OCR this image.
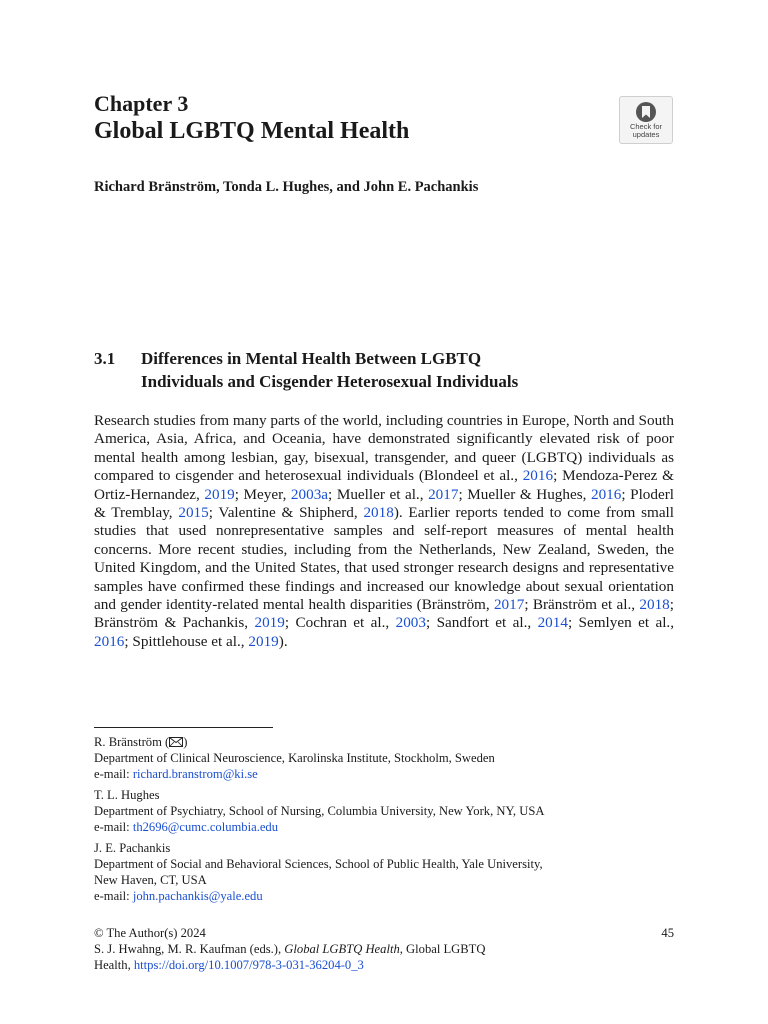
Chapter 3
Global LGBTQ Mental Health	Check for
updates
Richard Bränström, Tonda L. Hughes, and John E. Pachankis
3.1 Differences in Mental Health Between LGBTQ
Individuals and Cisgender Heterosexual Individuals
Research studies from many parts of the world, including countries in Europe, North and South America, Asia, Africa, and Oceania, have demonstrated significantly elevated risk of poor mental health among lesbian, gay, bisexual, transgender, and queer (LGBTQ) individuals as compared to cisgender and heterosexual individuals (Blondeel et al., 2016; Mendoza-Perez & Ortiz-Hernandez, 2019; Meyer, 2003a; Mueller et al., 2017; Mueller & Hughes, 2016; Ploderl & Tremblay, 2015; Valentine & Shipherd, 2018). Earlier reports tended to come from small studies that used nonrepresentative samples and self-report measures of mental health concerns. More recent studies, including from the Netherlands, New Zealand, Sweden, the United Kingdom, and the United States, that used stronger research designs and representative samples have confirmed these findings and increased our knowledge about sexual orientation and gender identity-related mental health disparities (Bränström, 2017; Bränström et al., 2018; Bränström & Pachankis, 2019; Cochran et al., 2003; Sandfort et al., 2014; Semlyen et al., 2016; Spittlehouse et al., 2019).
R. Bränström ( )
Department of Clinical Neuroscience, Karolinska Institute, Stockholm, Sweden
e-mail: richard.branstrom@ki.se
T. L. Hughes
Department of Psychiatry, School of Nursing, Columbia University, New York, NY, USA
e-mail: th2696@cumc.columbia.edu
J. E. Pachankis
Department of Social and Behavioral Sciences, School of Public Health, Yale University,
New Haven, CT, USA
e-mail: john.pachankis@yale.edu
© The Author(s) 2024	45
S. J. Hwahng, M. R. Kaufman (eds.), Global LGBTQ Health, Global LGBTQ
Health, https://doi.org/10.1007/978-3-031-36204-0_3
